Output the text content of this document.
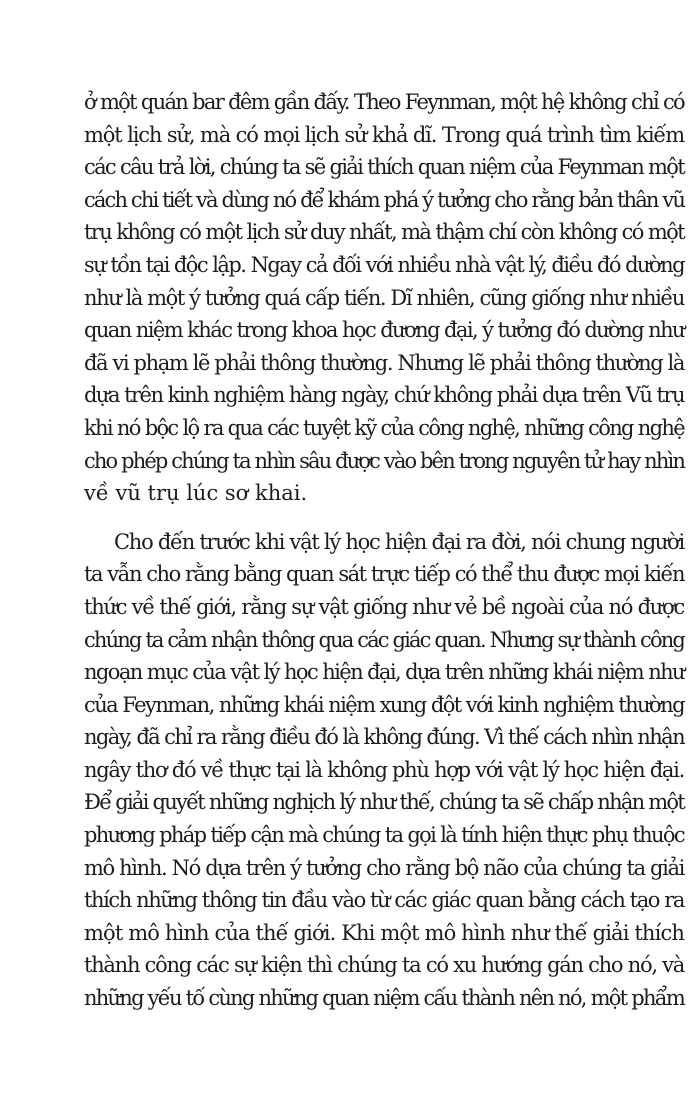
ở một quán bar đêm gần đấy. Theo Feynman, một hệ không chỉ có
một lịch sử, mà có mọi lịch sử khả dĩ. Trong quá trình tìm kiếm
các câu trả lời, chúng ta sẽ giải thích quan niệm của Feynman một
cách chi tiết và dùng nó để khám phá ý tưởng cho rằng bản thân vũ
trụ không có một lịch sử duy nhất, mà thậm chí còn không có một
sự tồn tại độc lập. Ngay cả đối với nhiều nhà vật lý, điều đó dường
như là một ý tưởng quá cấp tiến. Dĩ nhiên, cũng giống như nhiều
quan niệm khác trong khoa học đương đại, ý tưởng đó dường như
đã vi phạm lẽ phải thông thường. Nhưng lẽ phải thông thường là
dựa trên kinh nghiệm hàng ngày, chứ không phải dựa trên Vũ trụ
khi nó bộc lộ ra qua các tuyệt kỹ của công nghệ, những công nghệ
cho phép chúng ta nhìn sâu được vào bên trong nguyên tử hay nhìn
về vũ trụ lúc sơ khai.
Cho đến trước khi vật lý học hiện đại ra đời, nói chung người
ta vẫn cho rằng bằng quan sát trực tiếp có thể thu được mọi kiến
thức về thế giới, rằng sự vật giống như vẻ bề ngoài của nó được
chúng ta cảm nhận thông qua các giác quan. Nhưng sự thành công
ngoạn mục của vật lý học hiện đại, dựa trên những khái niệm như
của Feynman, những khái niệm xung đột với kinh nghiệm thường
ngày, đã chỉ ra rằng điều đó là không đúng. Vì thế cách nhìn nhận
ngây thơ đó về thực tại là không phù hợp với vật lý học hiện đại.
Để giải quyết những nghịch lý như thế, chúng ta sẽ chấp nhận một
phương pháp tiếp cận mà chúng ta gọi là tính hiện thực phụ thuộc
mô hình. Nó dựa trên ý tưởng cho rằng bộ não của chúng ta giải
thích những thông tin đầu vào từ các giác quan bằng cách tạo ra
một mô hình của thế giới. Khi một mô hình như thế giải thích
thành công các sự kiện thì chúng ta có xu hướng gán cho nó, và
những yếu tố cùng những quan niệm cấu thành nên nó, một phẩm
